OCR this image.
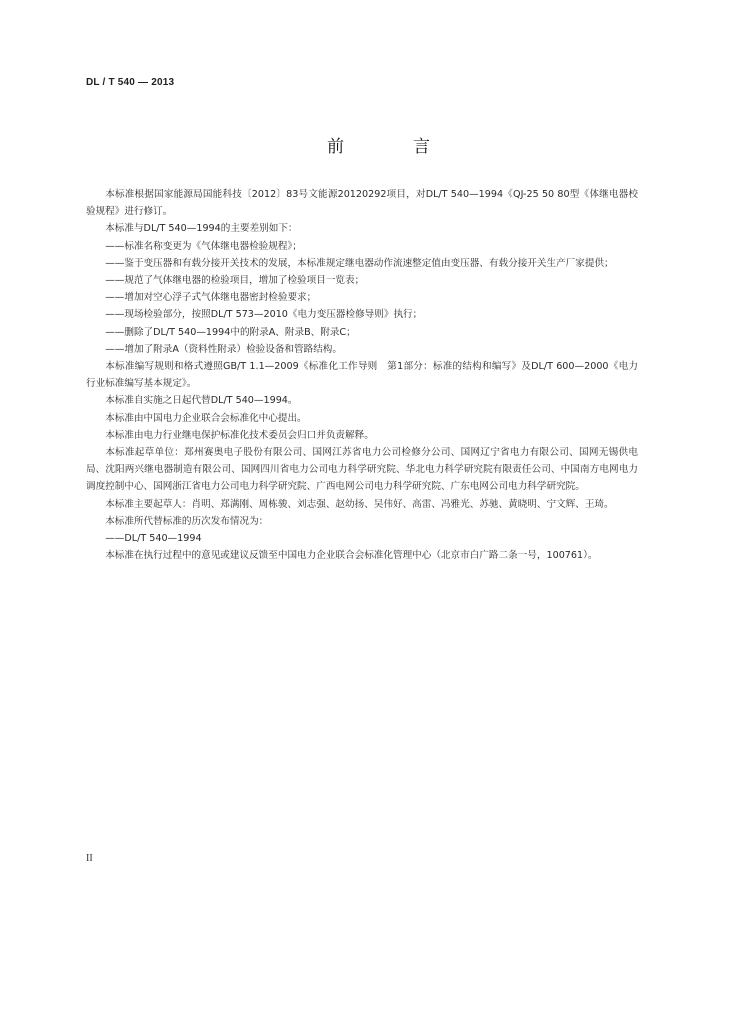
DL / T 540 — 2013
前　言

本标准根据国家能源局国能科技〔2012〕83号文能源20120292项目，对DL/T 540—1994《QJ-25 50 80型《体继电器校验规程》进行修订。

本标准与DL/T 540—1994的主要差别如下：

——标准名称变更为《气体继电器检验规程》；

——鉴于变压器和有载分接开关技术的发展，本标准规定继电器动作流速整定值由变压器、有载分接开关生产厂家提供；

——规范了气体继电器的检验项目，增加了检验项目一览表；

——增加对空心浮子式气体继电器密封检验要求；

——现场检验部分，按照DL/T 573—2010《电力变压器检修导则》执行；

——删除了DL/T 540—1994中的附录A、附录B、附录C；

——增加了附录A（资料性附录）检验设备和管路结构。

本标准编写规则和格式遵照GB/T 1.1—2009《标准化工作导则　第1部分：标准的结构和编写》及DL/T 600—2000《电力行业标准编写基本规定》。

本标准自实施之日起代替DL/T 540—1994。

本标准由中国电力企业联合会标准化中心提出。

本标准由电力行业继电保护标准化技术委员会归口并负责解释。

本标准起草单位：郑州赛奥电子股份有限公司、国网江苏省电力公司检修分公司、国网辽宁省电力有限公司、国网无锡供电局、沈阳两兴继电器制造有限公司、国网四川省电力公司电力科学研究院、华北电力科学研究院有限责任公司、中国南方电网电力调度控制中心、国网浙江省电力公司电力科学研究院、广西电网公司电力科学研究院、广东电网公司电力科学研究院。

本标准主要起草人：肖明、郑满刚、周栋骏、刘志强、赵幼扬、吴伟好、高雷、冯雅光、苏驰、黄晓明、宁文辉、王琦。

本标准所代替标准的历次发布情况为：

——DL/T 540—1994

本标准在执行过程中的意见或建议反馈至中国电力企业联合会标准化管理中心（北京市白广路二条一号，100761）。

II
